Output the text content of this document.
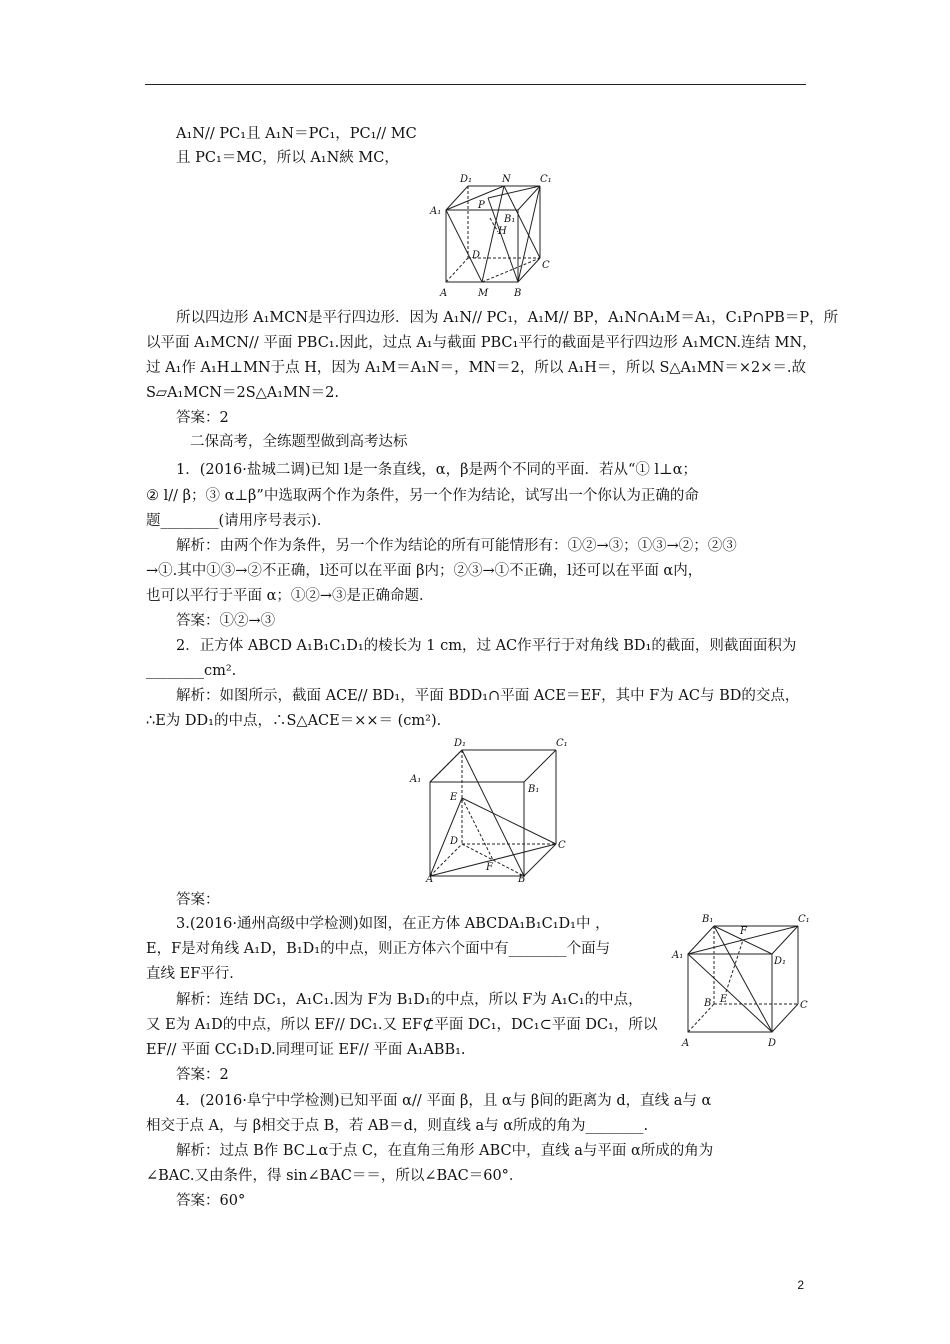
A₁N// PC₁且 A₁N＝PC₁，PC₁// MC
且 PC₁＝MC，所以 A₁N綊 MC，
D₁	N	C₁
A₁
P
B₁
H
D
C
A	M	B
所以四边形 A₁MCN是平行四边形．因为 A₁N// PC₁，A₁M// BP，A₁N∩A₁M＝A₁，C₁P∩PB＝P，所
以平面 A₁MCN// 平面 PBC₁.因此，过点 A₁与截面 PBC₁平行的截面是平行四边形 A₁MCN.连结 MN，
过 A₁作 A₁H⊥MN于点 H，因为 A₁M＝A₁N＝，MN＝2，所以 A₁H＝，所以 S△A₁MN＝×2×＝.故
S▱A₁MCN＝2S△A₁MN＝2.
答案：2
二保高考，全练题型做到高考达标
1．(2016·盐城二调)已知 l是一条直线，α，β是两个不同的平面．若从“① l⊥α；
② l// β；③ α⊥β”中选取两个作为条件，另一个作为结论，试写出一个你认为正确的命
题________(请用序号表示)．
解析：由两个作为条件，另一个作为结论的所有可能情形有：①②→③；①③→②；②③
→①.其中①③→②不正确，l还可以在平面 β内；②③→①不正确，l还可以在平面 α内，
也可以平行于平面 α；①②→③是正确命题．
答案：①②→③
2．正方体 ABCD A₁B₁C₁D₁的棱长为 1 cm，过 AC作平行于对角线 BD₁的截面，则截面面积为
________cm².
解析：如图所示，截面 ACE// BD₁，平面 BDD₁∩平面 ACE＝EF，其中 F为 AC与 BD的交点，
∴E为 DD₁的中点，∴S△ACE＝××＝ (cm²)．
D₁	C₁
A₁
B₁
E
D	C
A
F
B
答案：
3.(2016·通州高级中学检测)如图，在正方体 ABCDA₁B₁C₁D₁中 ，
E，F是对角线 A₁D，B₁D₁的中点，则正方体六个面中有________个面与
直线 EF平行．
解析：连结 DC₁，A₁C₁.因为 F为 B₁D₁的中点，所以 F为 A₁C₁的中点，
又 E为 A₁D的中点，所以 EF// DC₁.又 EF⊄平面 DC₁，DC₁⊂平面 DC₁，所以
EF// 平面 CC₁D₁D.同理可证 EF// 平面 A₁ABB₁.
答案：2
B₁
F
C₁
A₁
D₁
B E
C
A	D
4．(2016·阜宁中学检测)已知平面 α// 平面 β，且 α与 β间的距离为 d，直线 a与 α
相交于点 A，与 β相交于点 B，若 AB＝d，则直线 a与 α所成的角为________.
解析：过点 B作 BC⊥α于点 C，在直角三角形 ABC中，直线 a与平面 α所成的角为
∠BAC.又由条件，得 sin∠BAC＝＝，所以∠BAC＝60°．
答案：60°
2
